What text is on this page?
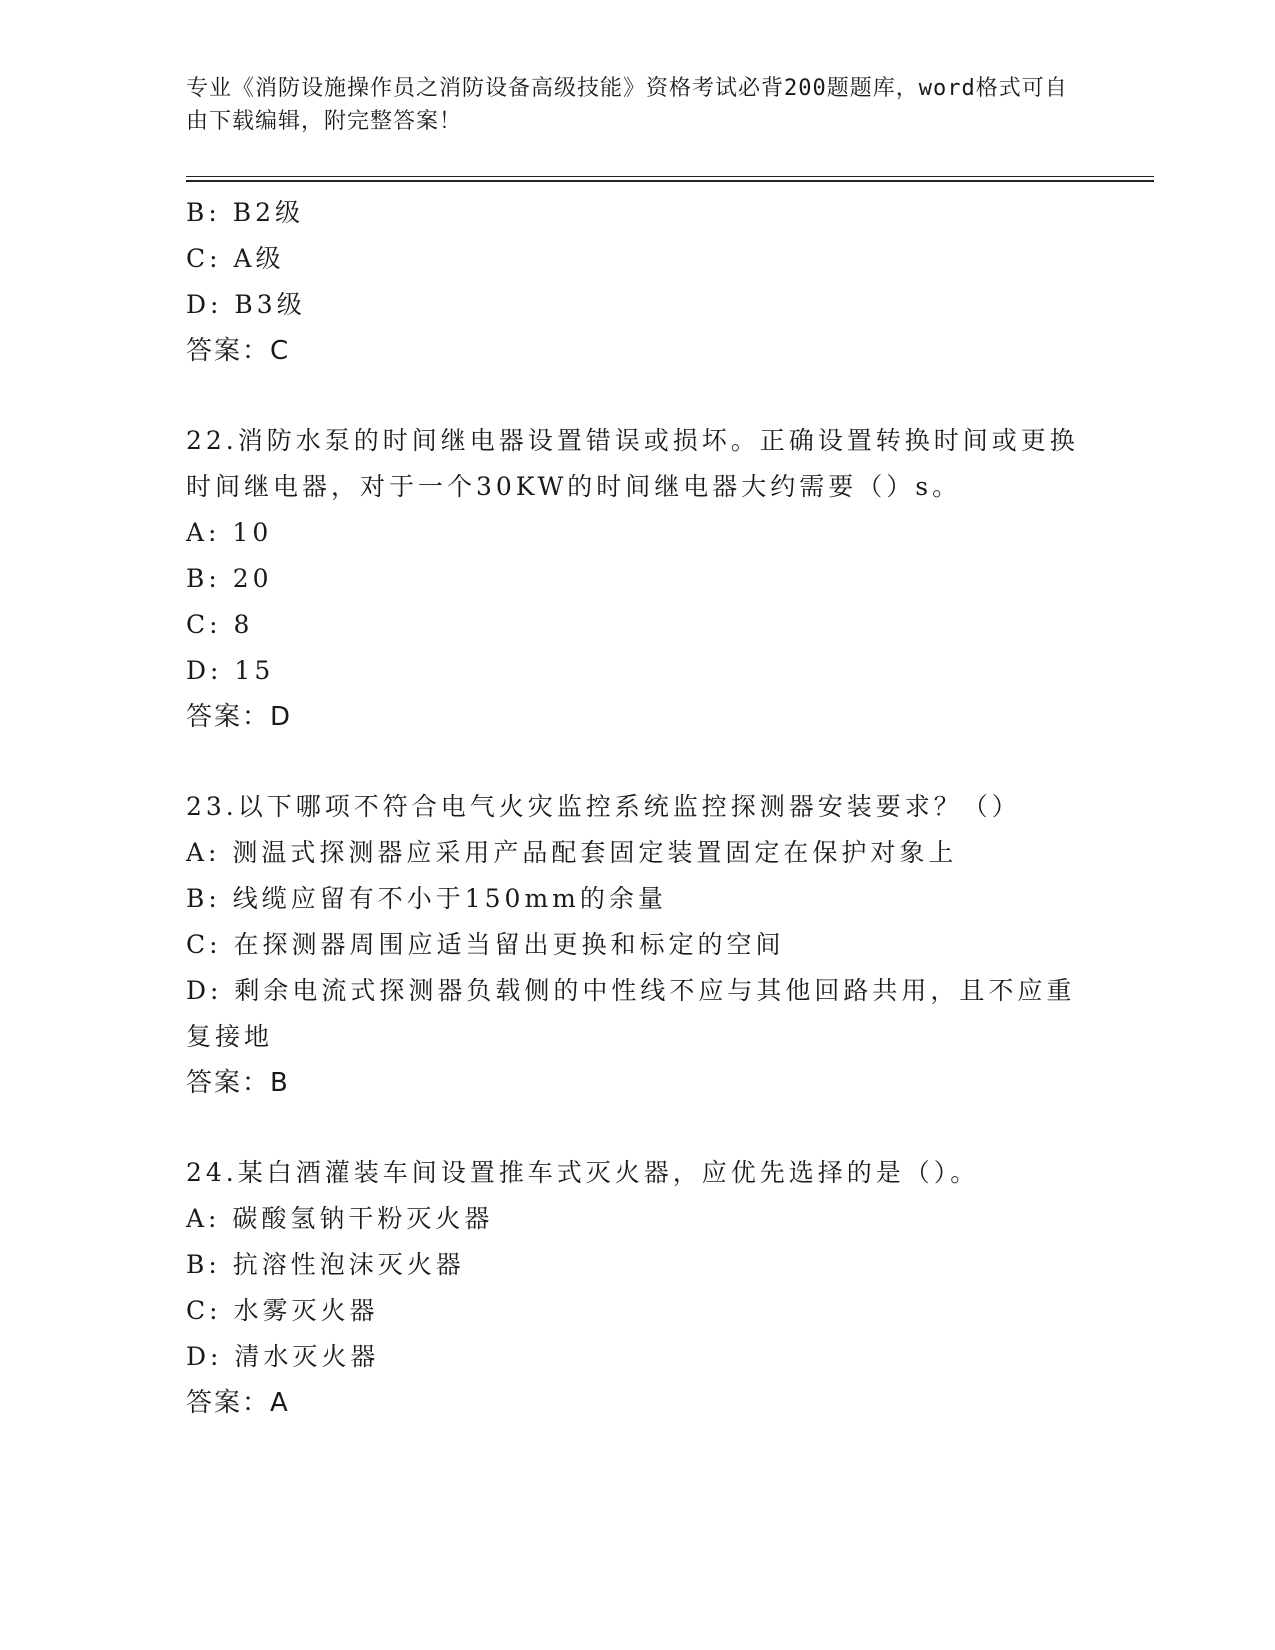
专业《消防设施操作员之消防设备高级技能》资格考试必背200题题库，word格式可自由下载编辑，附完整答案！
B: B2级
C: A级
D: B3级
答案：C
22.消防水泵的时间继电器设置错误或损坏。正确设置转换时间或更换时间继电器，对于一个30KW的时间继电器大约需要（）s。
A: 10
B: 20
C: 8
D: 15
答案：D
23.以下哪项不符合电气火灾监控系统监控探测器安装要求？（）
A: 测温式探测器应采用产品配套固定装置固定在保护对象上
B: 线缆应留有不小于150mm的余量
C: 在探测器周围应适当留出更换和标定的空间
D: 剩余电流式探测器负载侧的中性线不应与其他回路共用，且不应重复接地
答案：B
24.某白酒灌装车间设置推车式灭火器，应优先选择的是（）。
A: 碳酸氢钠干粉灭火器
B: 抗溶性泡沫灭火器
C: 水雾灭火器
D: 清水灭火器
答案：A
